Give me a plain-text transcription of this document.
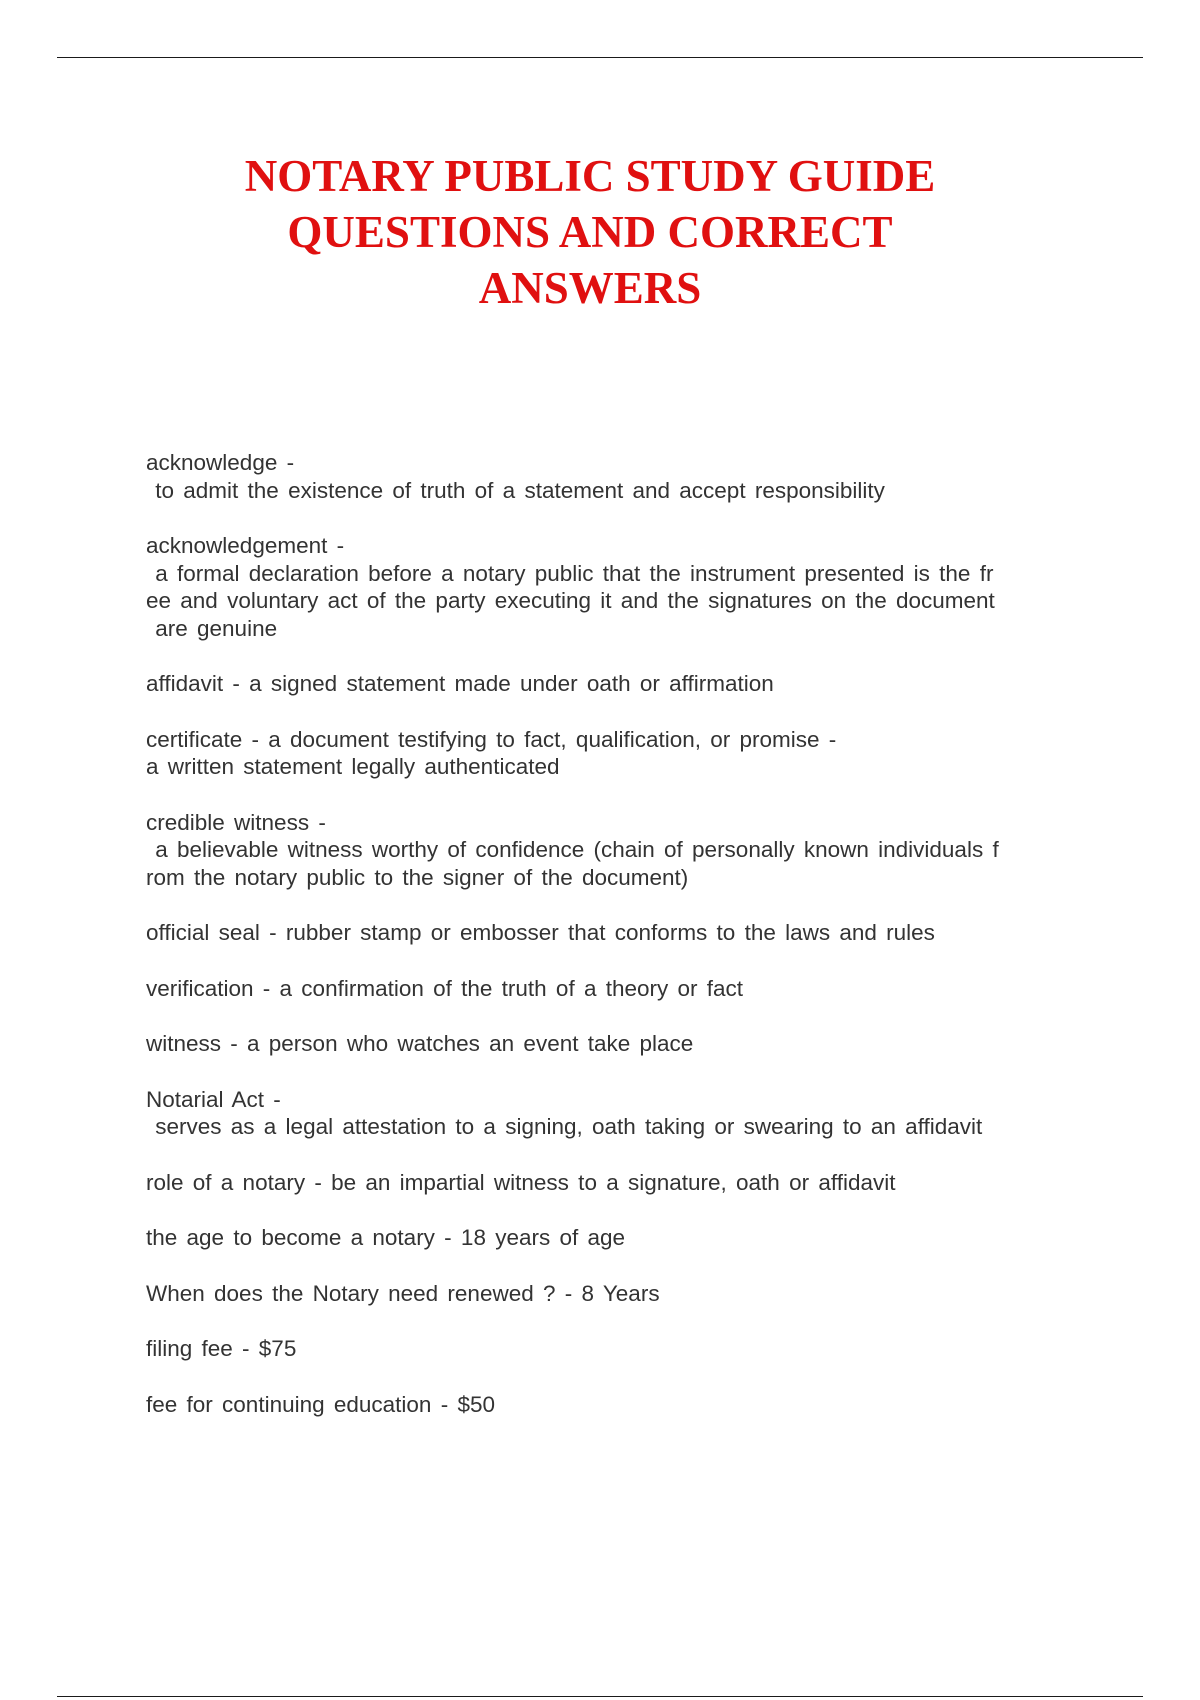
NOTARY PUBLIC STUDY GUIDE
QUESTIONS AND CORRECT
ANSWERS
acknowledge -
to admit the existence of truth of a statement and accept responsibility
acknowledgement -
a formal declaration before a notary public that the instrument presented is the fr
ee and voluntary act of the party executing it and the signatures on the document
are genuine
affidavit - a signed statement made under oath or affirmation
certificate - a document testifying to fact, qualification, or promise -
a written statement legally authenticated
credible witness -
a believable witness worthy of confidence (chain of personally known individuals f
rom the notary public to the signer of the document)
official seal - rubber stamp or embosser that conforms to the laws and rules
verification - a confirmation of the truth of a theory or fact
witness - a person who watches an event take place
Notarial Act -
serves as a legal attestation to a signing, oath taking or swearing to an affidavit
role of a notary - be an impartial witness to a signature, oath or affidavit
the age to become a notary - 18 years of age
When does the Notary need renewed ? - 8 Years
filing fee - $75
fee for continuing education - $50
